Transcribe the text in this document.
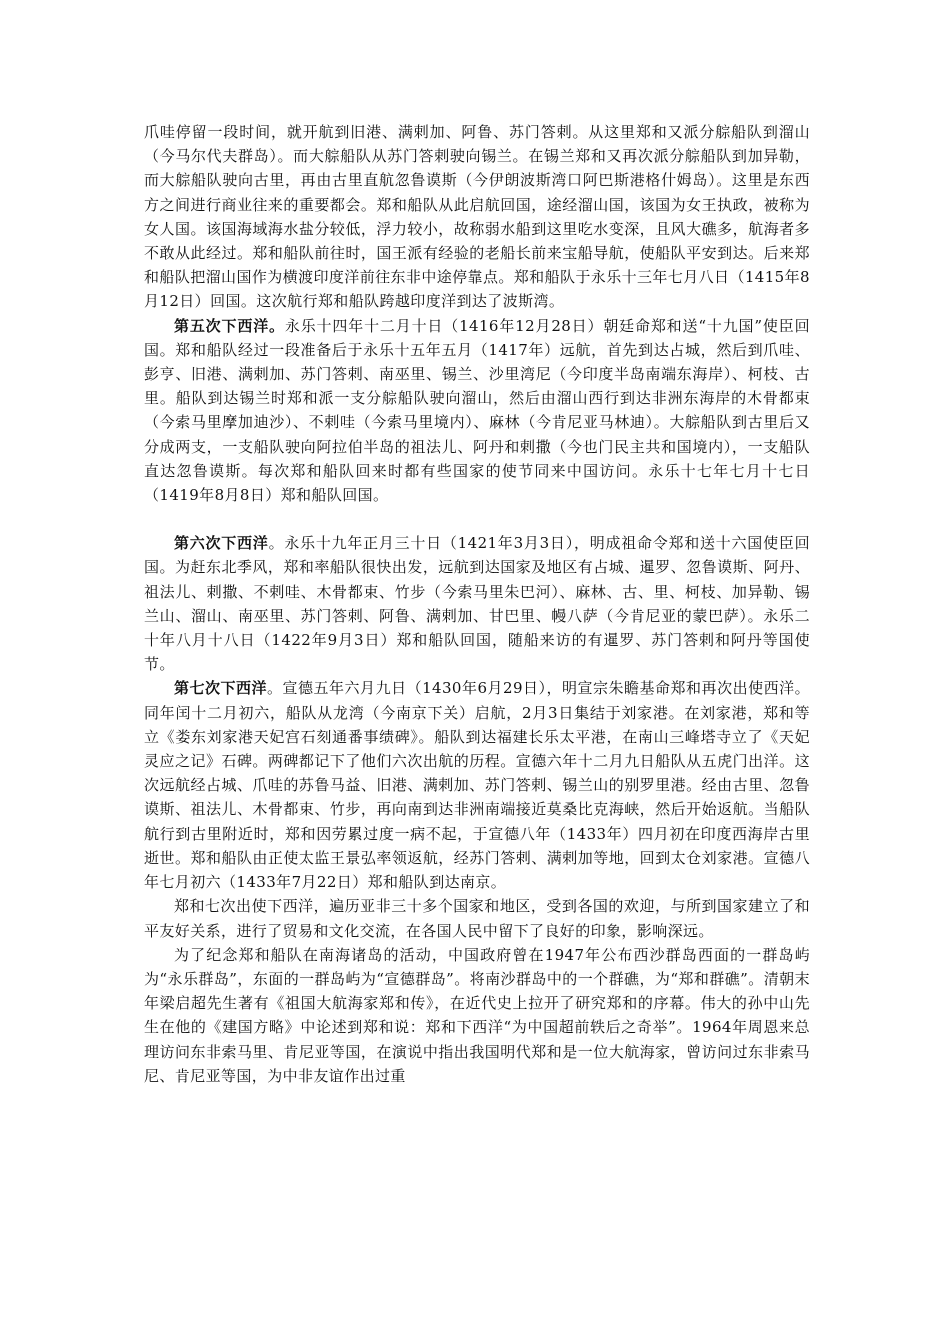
爪哇停留一段时间，就开航到旧港、满剌加、阿鲁、苏门答剌。从这里郑和又派分䑸船队到溜山（今马尔代夫群岛）。而大䑸船队从苏门答剌驶向锡兰。在锡兰郑和又再次派分䑸船队到加异勒，而大䑸船队驶向古里，再由古里直航忽鲁谟斯（今伊朗波斯湾口阿巴斯港格什姆岛）。这里是东西方之间进行商业往来的重要都会。郑和船队从此启航回国，途经溜山国，该国为女王执政，被称为女人国。该国海域海水盐分较低，浮力较小，故称弱水船到这里吃水变深，且风大礁多，航海者多不敢从此经过。郑和船队前往时，国王派有经验的老船长前来宝船导航，使船队平安到达。后来郑和船队把溜山国作为横渡印度洋前往东非中途停靠点。郑和船队于永乐十三年七月八日（1415年8月12日）回国。这次航行郑和船队跨越印度洋到达了波斯湾。

第五次下西洋。永乐十四年十二月十日（1416年12月28日）朝廷命郑和送“十九国”使臣回国。郑和船队经过一段准备后于永乐十五年五月（1417年）远航，首先到达占城，然后到爪哇、彭亨、旧港、满剌加、苏门答剌、南巫里、锡兰、沙里湾尼（今印度半岛南端东海岸）、柯枝、古里。船队到达锡兰时郑和派一支分䑸船队驶向溜山，然后由溜山西行到达非洲东海岸的木骨都束（今索马里摩加迪沙）、不剌哇（今索马里境内）、麻林（今肯尼亚马林迪）。大䑸船队到古里后又分成两支，一支船队驶向阿拉伯半岛的祖法儿、阿丹和剌撒（今也门民主共和国境内），一支船队直达忽鲁谟斯。每次郑和船队回来时都有些国家的使节同来中国访问。永乐十七年七月十七日（1419年8月8日）郑和船队回国。

第六次下西洋。永乐十九年正月三十日（1421年3月3日），明成祖命令郑和送十六国使臣回国。为赶东北季风，郑和率船队很快出发，远航到达国家及地区有占城、暹罗、忽鲁谟斯、阿丹、祖法儿、剌撒、不剌哇、木骨都束、竹步（今索马里朱巴河）、麻林、古、里、柯枝、加异勒、锡兰山、溜山、南巫里、苏门答剌、阿鲁、满剌加、甘巴里、幔八萨（今肯尼亚的蒙巴萨）。永乐二十年八月十八日（1422年9月3日）郑和船队回国，随船来访的有暹罗、苏门答剌和阿丹等国使节。

第七次下西洋。宣德五年六月九日（1430年6月29日），明宣宗朱瞻基命郑和再次出使西洋。同年闰十二月初六，船队从龙湾（今南京下关）启航，2月3日集结于刘家港。在刘家港，郑和等立《娄东刘家港天妃宫石刻通番事绩碑》。船队到达福建长乐太平港，在南山三峰塔寺立了《天妃灵应之记》石碑。两碑都记下了他们六次出航的历程。宣德六年十二月九日船队从五虎门出洋。这次远航经占城、爪哇的苏鲁马益、旧港、满剌加、苏门答剌、锡兰山的别罗里港。经由古里、忽鲁谟斯、祖法儿、木骨都束、竹步，再向南到达非洲南端接近莫桑比克海峡，然后开始返航。当船队航行到古里附近时，郑和因劳累过度一病不起，于宣德八年（1433年）四月初在印度西海岸古里逝世。郑和船队由正使太监王景弘率领返航，经苏门答剌、满剌加等地，回到太仓刘家港。宣德八年七月初六（1433年7月22日）郑和船队到达南京。

郑和七次出使下西洋，遍历亚非三十多个国家和地区，受到各国的欢迎，与所到国家建立了和平友好关系，进行了贸易和文化交流，在各国人民中留下了良好的印象，影响深远。

为了纪念郑和船队在南海诸岛的活动，中国政府曾在1947年公布西沙群岛西面的一群岛屿为“永乐群岛”，东面的一群岛屿为“宣德群岛”。将南沙群岛中的一个群礁，为“郑和群礁”。清朝末年梁启超先生著有《祖国大航海家郑和传》，在近代史上拉开了研究郑和的序幕。伟大的孙中山先生在他的《建国方略》中论述到郑和说：郑和下西洋“为中国超前轶后之奇举”。1964年周恩来总理访问东非索马里、肯尼亚等国，在演说中指出我国明代郑和是一位大航海家，曾访问过东非索马尼、肯尼亚等国，为中非友谊作出过重
